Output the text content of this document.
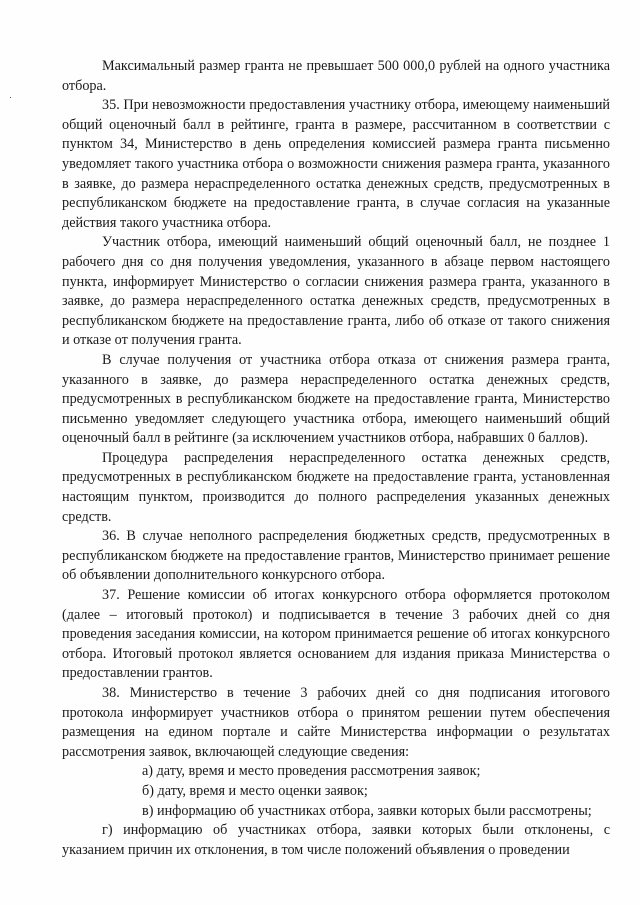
Максимальный размер гранта не превышает 500 000,0 рублей на одного участника отбора.

35. При невозможности предоставления участнику отбора, имеющему наименьший общий оценочный балл в рейтинге, гранта в размере, рассчитанном в соответствии с пунктом 34, Министерство в день определения комиссией размера гранта письменно уведомляет такого участника отбора о возможности снижения размера гранта, указанного в заявке, до размера нераспределенного остатка денежных средств, предусмотренных в республиканском бюджете на предоставление гранта, в случае согласия на указанные действия такого участника отбора.

Участник отбора, имеющий наименьший общий оценочный балл, не позднее 1 рабочего дня со дня получения уведомления, указанного в абзаце первом настоящего пункта, информирует Министерство о согласии снижения размера гранта, указанного в заявке, до размера нераспределенного остатка денежных средств, предусмотренных в республиканском бюджете на предоставление гранта, либо об отказе от такого снижения и отказе от получения гранта.

В случае получения от участника отбора отказа от снижения размера гранта, указанного в заявке, до размера нераспределенного остатка денежных средств, предусмотренных в республиканском бюджете на предоставление гранта, Министерство письменно уведомляет следующего участника отбора, имеющего наименьший общий оценочный балл в рейтинге (за исключением участников отбора, набравших 0 баллов).

Процедура распределения нераспределенного остатка денежных средств, предусмотренных в республиканском бюджете на предоставление гранта, установленная настоящим пунктом, производится до полного распределения указанных денежных средств.

36. В случае неполного распределения бюджетных средств, предусмотренных в республиканском бюджете на предоставление грантов, Министерство принимает решение об объявлении дополнительного конкурсного отбора.

37. Решение комиссии об итогах конкурсного отбора оформляется протоколом (далее – итоговый протокол) и подписывается в течение 3 рабочих дней со дня проведения заседания комиссии, на котором принимается решение об итогах конкурсного отбора. Итоговый протокол является основанием для издания приказа Министерства о предоставлении грантов.

38. Министерство в течение 3 рабочих дней со дня подписания итогового протокола информирует участников отбора о принятом решении путем обеспечения размещения на едином портале и сайте Министерства информации о результатах рассмотрения заявок, включающей следующие сведения:

а) дату, время и место проведения рассмотрения заявок;

б) дату, время и место оценки заявок;

в) информацию об участниках отбора, заявки которых были рассмотрены;

г) информацию об участниках отбора, заявки которых были отклонены, с указанием причин их отклонения, в том числе положений объявления о проведении
